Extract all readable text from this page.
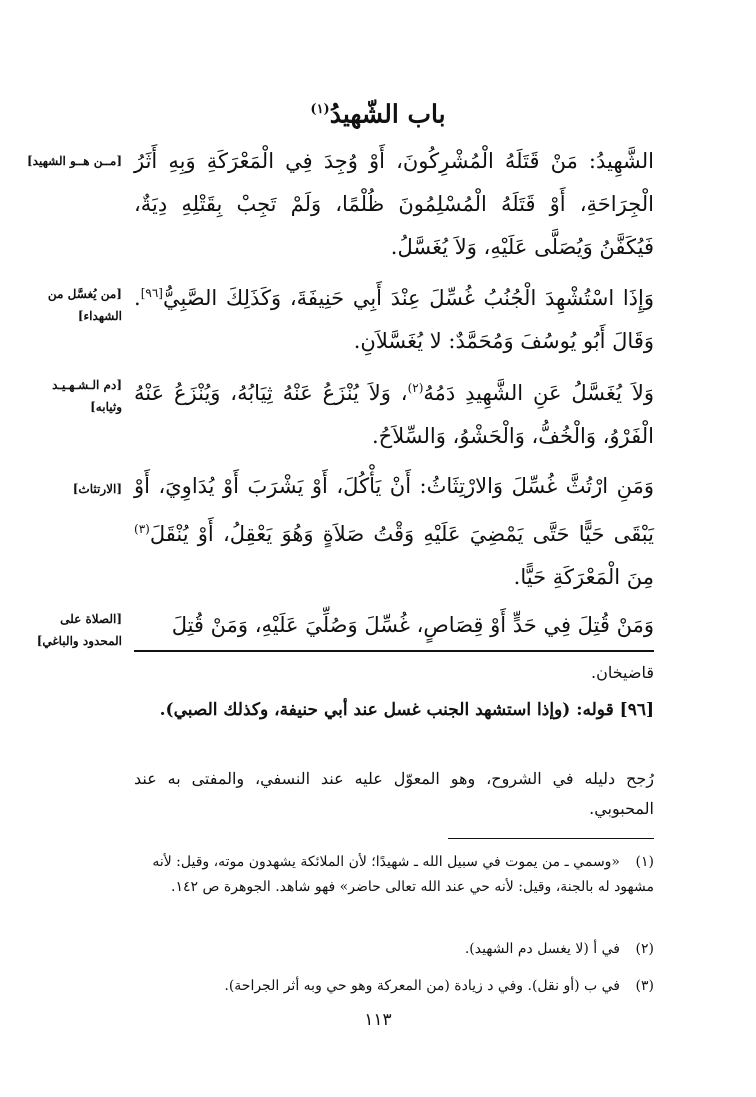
باب الشّهيدُ$^{(١)}$
[مــن هــو الشهيد] الشَّهِيدُ: مَنْ قَتَلَهُ الْمُشْرِكُونَ، أَوْ وُجِدَ فِي الْمَعْرَكَةِ وَبِهِ أَثَرُ الْجِرَاحَةِ، أَوْ قَتَلَهُ الْمُسْلِمُونَ ظُلْمًا، وَلَمْ تَجِبْ بِقَتْلِهِ دِيَةٌ، فَيُكَفَّنُ وَيُصَلَّى عَلَيْهِ، وَلاَ يُغَسَّلُ.
[من يُغسَّل من الشهداء]
وَإِذَا اسْتُشْهِدَ الْجُنُبُ غُسِّلَ عِنْدَ أَبِي حَنِيفَةَ، وَكَذَلِكَ الصَّبِيُّ[٩٦]. وَقَالَ أَبُو يُوسُفَ وَمُحَمَّدٌ: لا يُغَسَّلاَنِ.
[دم الـشـهـيـد وثيابه]
وَلاَ يُغَسَّلُ عَنِ الشَّهِيدِ دَمُهُ$^{(٢)}$، وَلاَ يُنْزَعُ عَنْهُ ثِيَابُهُ، وَيُنْزَعُ عَنْهُ الْفَرْوُ، وَالْخُفُّ، وَالْحَشْوُ، وَالسِّلاَحُ.
[الارتثاث] وَمَنِ ارْتُثَّ غُسِّلَ وَالارْتِثَاثُ: أَنْ يَأْكُلَ، أَوْ يَشْرَبَ أَوْ يُدَاوِيَ، أَوْ يَبْقَى حَيًّا حَتَّى يَمْضِيَ عَلَيْهِ وَقْتُ صَلاَةٍ وَهُوَ يَعْقِلُ، أَوْ يُنْقَلَ$^{(٣)}$ مِنَ الْمَعْرَكَةِ حَيًّا.
[الصلاة على المحدود والباغي]
وَمَنْ قُتِلَ فِي حَدٍّ أَوْ قِصَاصٍ، غُسِّلَ وَصُلِّيَ عَلَيْهِ، وَمَنْ قُتِلَ
قاضيخان.
[٩٦] قوله: (وإذا استشهد الجنب غسل عند أبي حنيفة، وكذلك الصبي).
رُجح دليله في الشروح، وهو المعوّل عليه عند النسفي، والمفتى به عند المحبوبي.
(١)«وسمي ـ من يموت في سبيل الله ـ شهيدًا؛ لأن الملائكة يشهدون موته، وقيل: لأنه مشهود له بالجنة، وقيل: لأنه حي عند الله تعالى حاضر» فهو شاهد. الجوهرة ص ١٤٢.
(٢)في أ (لا يغسل دم الشهيد).
(٣)في ب (أو نقل). وفي د زيادة (من المعركة وهو حي وبه أثر الجراحة).
١١٣
